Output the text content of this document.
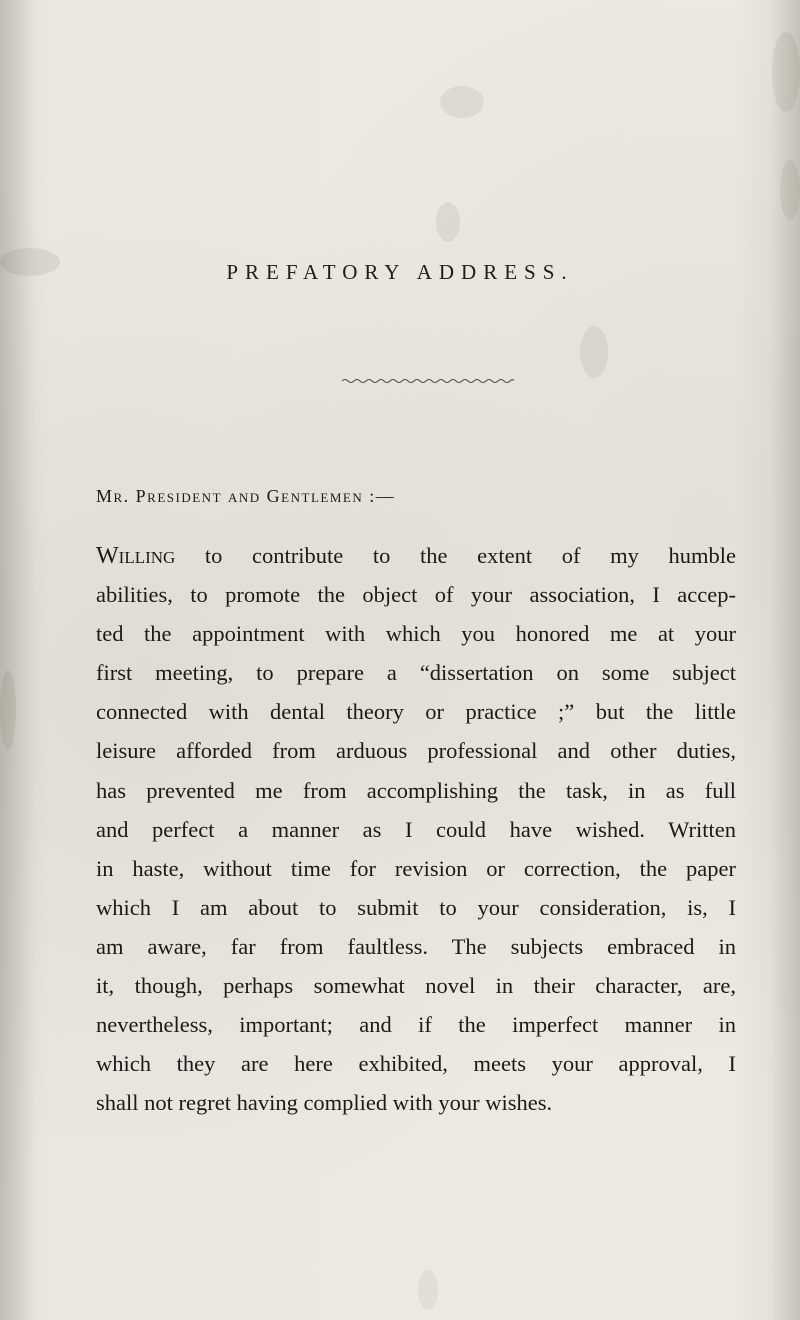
PREFATORY ADDRESS.

Mr. President and Gentlemen :—

Willing to contribute to the extent of my humble
abilities, to promote the object of your association, I accep-
ted the appointment with which you honored me at your
first meeting, to prepare a “dissertation on some subject
connected with dental theory or practice ;” but the little
leisure afforded from arduous professional and other duties,
has prevented me from accomplishing the task, in as full
and perfect a manner as I could have wished. Written
in haste, without time for revision or correction, the paper
which I am about to submit to your consideration, is, I
am aware, far from faultless. The subjects embraced in
it, though, perhaps somewhat novel in their character, are,
nevertheless, important; and if the imperfect manner in
which they are here exhibited, meets your approval, I
shall not regret having complied with your wishes.
